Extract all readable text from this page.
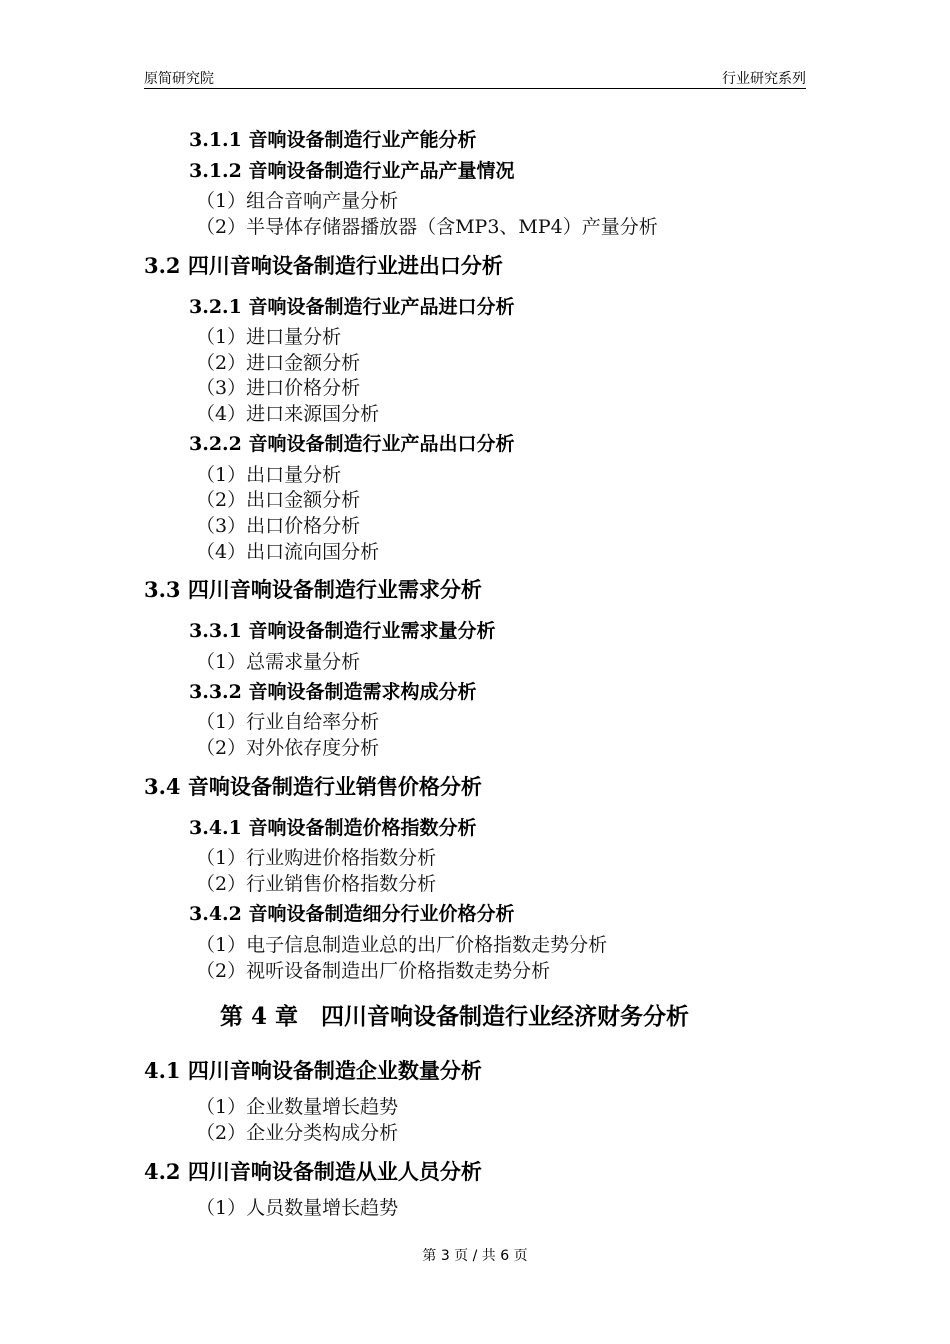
原简研究院	行业研究系列
3.1.1 音响设备制造行业产能分析
3.1.2 音响设备制造行业产品产量情况
（1）组合音响产量分析
（2）半导体存储器播放器（含MP3、MP4）产量分析
3.2 四川音响设备制造行业进出口分析
3.2.1 音响设备制造行业产品进口分析
（1）进口量分析
（2）进口金额分析
（3）进口价格分析
（4）进口来源国分析
3.2.2 音响设备制造行业产品出口分析
（1）出口量分析
（2）出口金额分析
（3）出口价格分析
（4）出口流向国分析
3.3 四川音响设备制造行业需求分析
3.3.1 音响设备制造行业需求量分析
（1）总需求量分析
3.3.2 音响设备制造需求构成分析
（1）行业自给率分析
（2）对外依存度分析
3.4 音响设备制造行业销售价格分析
3.4.1 音响设备制造价格指数分析
（1）行业购进价格指数分析
（2）行业销售价格指数分析
3.4.2 音响设备制造细分行业价格分析
（1）电子信息制造业总的出厂价格指数走势分析
（2）视听设备制造出厂价格指数走势分析
第 4 章　四川音响设备制造行业经济财务分析
4.1 四川音响设备制造企业数量分析
（1）企业数量增长趋势
（2）企业分类构成分析
4.2 四川音响设备制造从业人员分析
（1）人员数量增长趋势
第 3 页 / 共 6 页
